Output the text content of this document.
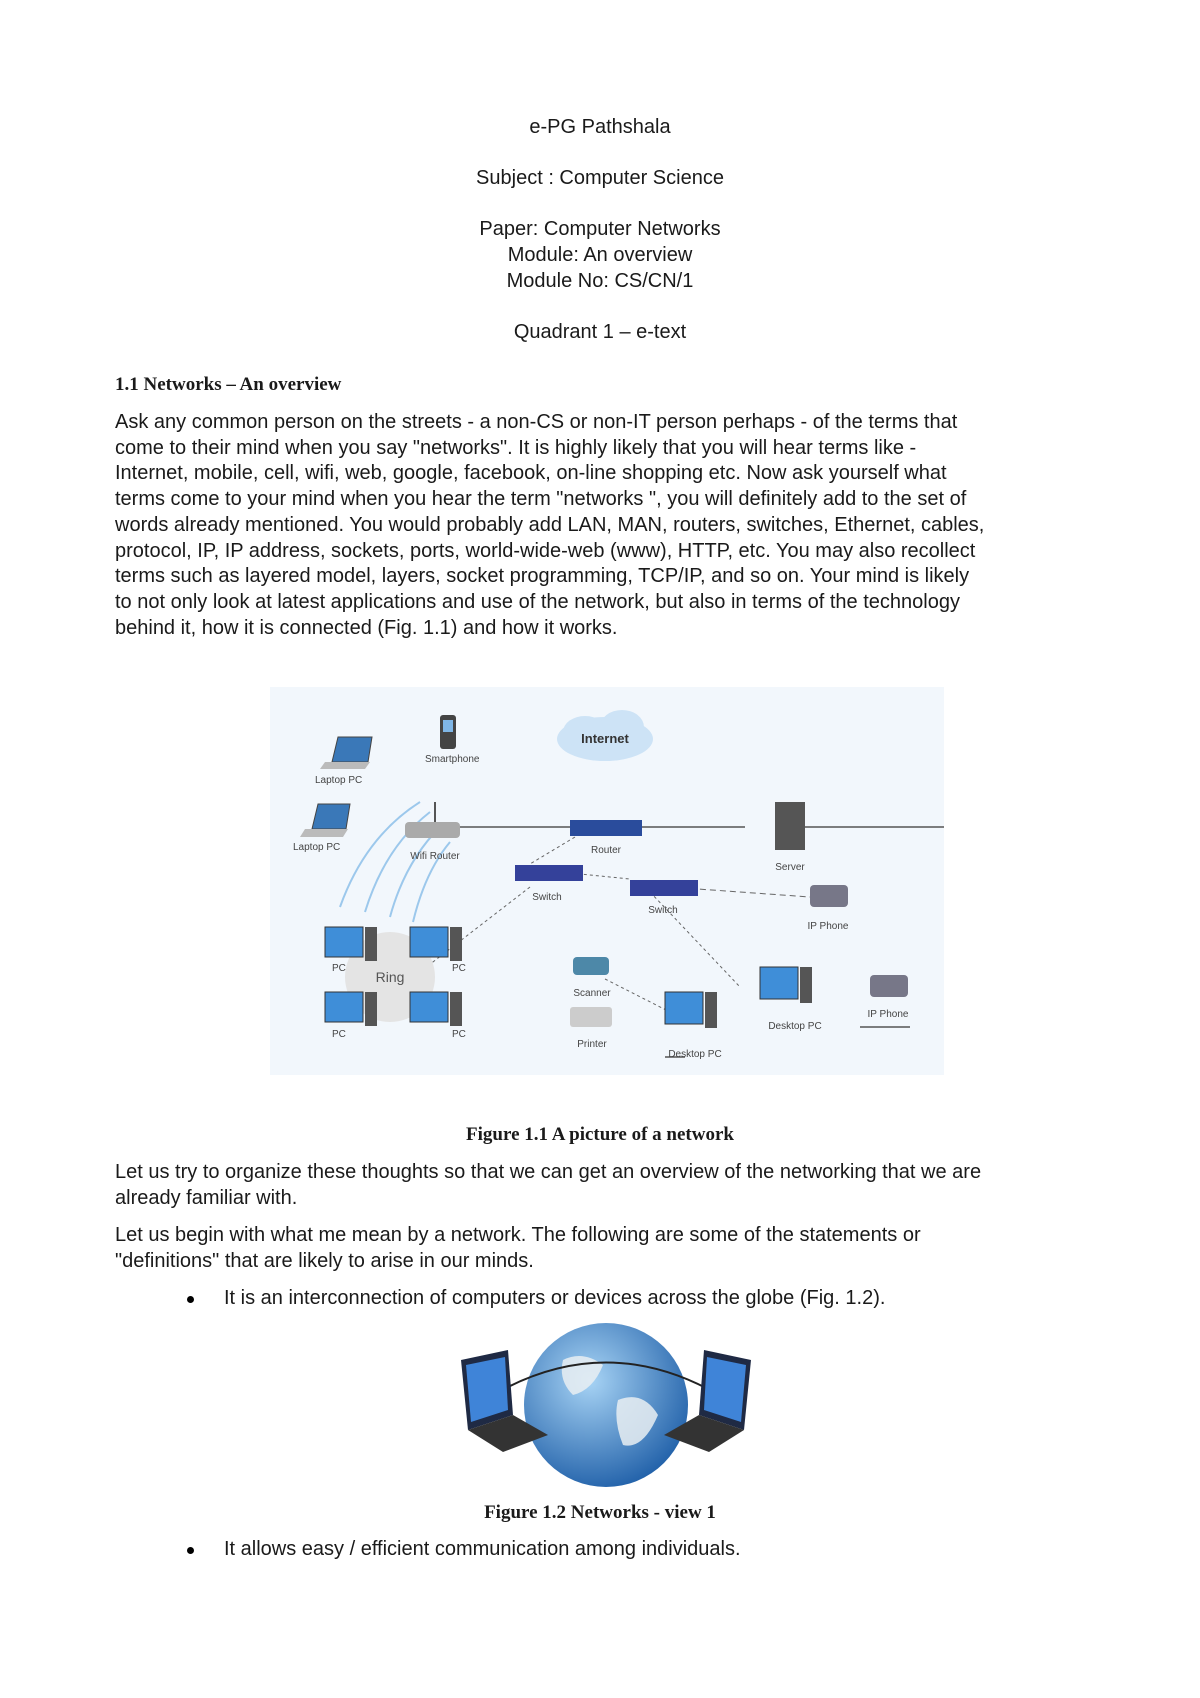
e-PG Pathshala
Subject : Computer Science
Paper: Computer Networks
Module: An overview
Module No: CS/CN/1
Quadrant 1 – e-text
1.1 Networks – An overview
Ask any common person on the streets - a non-CS or non-IT person perhaps - of the terms that
come to their mind when you say "networks". It is highly likely that you will hear terms like -
Internet, mobile, cell, wifi, web, google, facebook, on-line shopping etc. Now ask yourself what
terms come to your mind when you hear the term "networks ", you will definitely add to the set of
words already mentioned. You would probably add LAN, MAN, routers, switches, Ethernet, cables,
protocol, IP, IP address, sockets, ports, world-wide-web (www), HTTP, etc. You may also recollect
terms such as layered model, layers, socket programming, TCP/IP, and so on. Your mind is likely
to not only look at latest applications and use of the network, but also in terms of the technology
behind it, how it is connected (Fig. 1.1) and how it works.
Internet
Smartphone
Laptop PC
Laptop PC
Wifi Router
Router
Server
Switch
Switch
IP Phone
IP Phone
Ring
PC	PC
PC	PC
Scanner
Printer
Desktop PC
Desktop PC
Figure 1.1 A picture of a network
Let us try to organize these thoughts so that we can get an overview of the networking that we are
already familiar with.
Let us begin with what me mean by a network. The following are some of the statements or
"definitions" that are likely to arise in our minds.
It is an interconnection of computers or devices across the globe (Fig. 1.2).
Figure 1.2 Networks - view 1
It allows easy / efficient communication among individuals.
